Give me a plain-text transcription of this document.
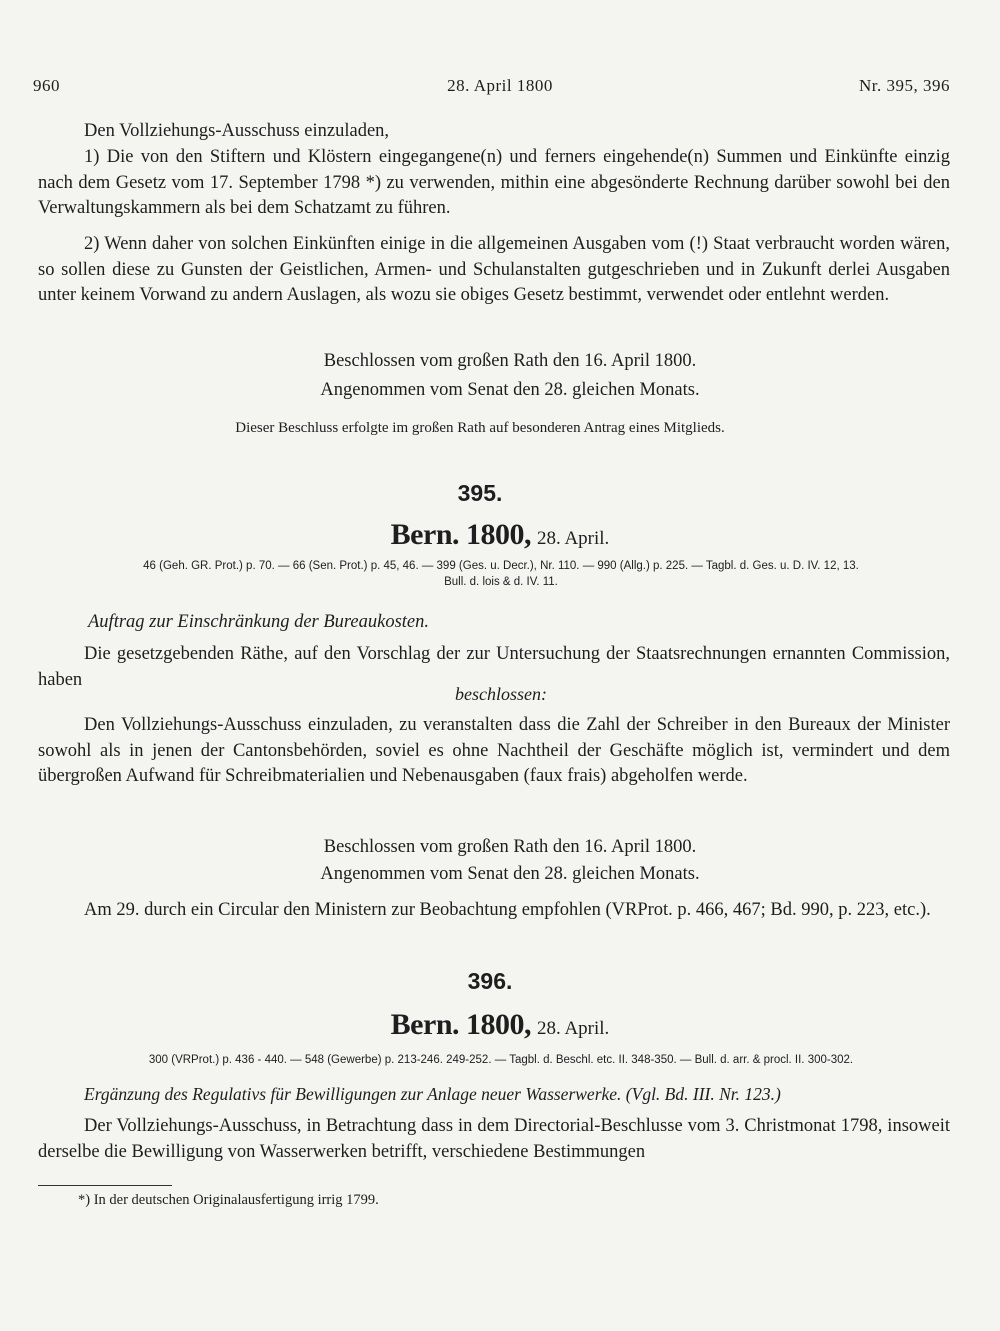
960	28. April 1800	Nr. 395, 396
Den Vollziehungs-Ausschuss einzuladen,
1) Die von den Stiftern und Klöstern eingegangene(n) und ferners eingehende(n) Summen und Einkünfte einzig nach dem Gesetz vom 17. September 1798 *) zu verwenden, mithin eine abgesönderte Rechnung darüber sowohl bei den Verwaltungskammern als bei dem Schatzamt zu führen.
2) Wenn daher von solchen Einkünften einige in die allgemeinen Ausgaben vom (!) Staat verbraucht worden wären, so sollen diese zu Gunsten der Geistlichen, Armen- und Schulanstalten gutgeschrieben und in Zukunft derlei Ausgaben unter keinem Vorwand zu andern Auslagen, als wozu sie obiges Gesetz bestimmt, verwendet oder entlehnt werden.
Beschlossen vom großen Rath den 16. April 1800.
Angenommen vom Senat den 28. gleichen Monats.
Dieser Beschluss erfolgte im großen Rath auf besonderen Antrag eines Mitglieds.
395.
Bern. 1800, 28. April.
46 (Geh. GR. Prot.) p. 70. — 66 (Sen. Prot.) p. 45, 46. — 399 (Ges. u. Decr.), Nr. 110. — 990 (Allg.) p. 225. — Tagbl. d. Ges. u. D. IV. 12, 13.
Bull. d. lois & d. IV. 11.
Auftrag zur Einschränkung der Bureaukosten.
Die gesetzgebenden Räthe, auf den Vorschlag der zur Untersuchung der Staatsrechnungen ernannten Commission, haben
beschlossen:
Den Vollziehungs-Ausschuss einzuladen, zu veranstalten dass die Zahl der Schreiber in den Bureaux der Minister sowohl als in jenen der Cantonsbehörden, soviel es ohne Nachtheil der Geschäfte möglich ist, vermindert und dem übergroßen Aufwand für Schreibmaterialien und Nebenausgaben (faux frais) abgeholfen werde.
Beschlossen vom großen Rath den 16. April 1800.
Angenommen vom Senat den 28. gleichen Monats.
Am 29. durch ein Circular den Ministern zur Beobachtung empfohlen (VRProt. p. 466, 467; Bd. 990, p. 223, etc.).
396.
Bern. 1800, 28. April.
300 (VRProt.) p. 436 - 440. — 548 (Gewerbe) p. 213-246. 249-252. — Tagbl. d. Beschl. etc. II. 348-350. — Bull. d. arr. & procl. II. 300-302.
Ergänzung des Regulativs für Bewilligungen zur Anlage neuer Wasserwerke. (Vgl. Bd. III. Nr. 123.)
Der Vollziehungs-Ausschuss, in Betrachtung dass in dem Directorial-Beschlusse vom 3. Christmonat 1798, insoweit derselbe die Bewilligung von Wasserwerken betrifft, verschiedene Bestimmungen
*) In der deutschen Originalausfertigung irrig 1799.
